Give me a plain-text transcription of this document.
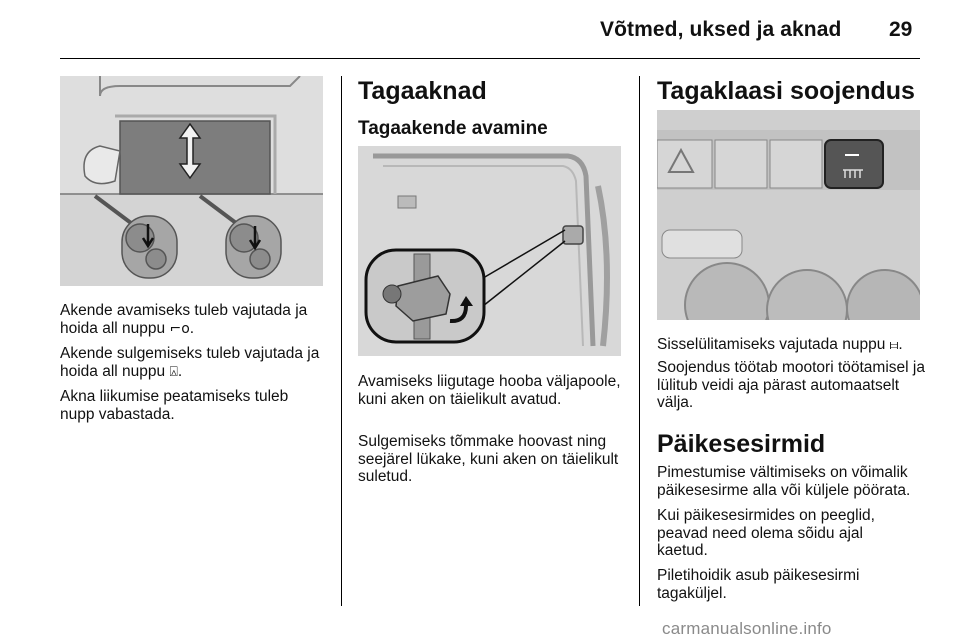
Võtmed, uksed ja aknad 29

Akende avamiseks tuleb vajutada ja hoida all nuppu ⌐o.

Akende sulgemiseks tuleb vajutada ja hoida all nuppu ⍓.

Akna liikumise peatamiseks tuleb nupp vabastada.

Tagaaknad
Tagaakende avamine

Avamiseks liigutage hooba väljapoole, kuni aken on täielikult avatud.

Sulgemiseks tõmmake hoovast ning seejärel lükake, kuni aken on täielikult suletud.

Tagaklaasi soojendus

Sisselülitamiseks vajutada nuppu ⧦.

Soojendus töötab mootori töötamisel ja lülitub veidi aja pärast automaatselt välja.

Päikesesirmid

Pimestumise vältimiseks on võimalik päikesesirme alla või küljele pöörata.

Kui päikesesirmides on peeglid, peavad need olema sõidu ajal kaetud.

Piletihoidik asub päikesesirmi tagaküljel.

carmanualsonline.info
